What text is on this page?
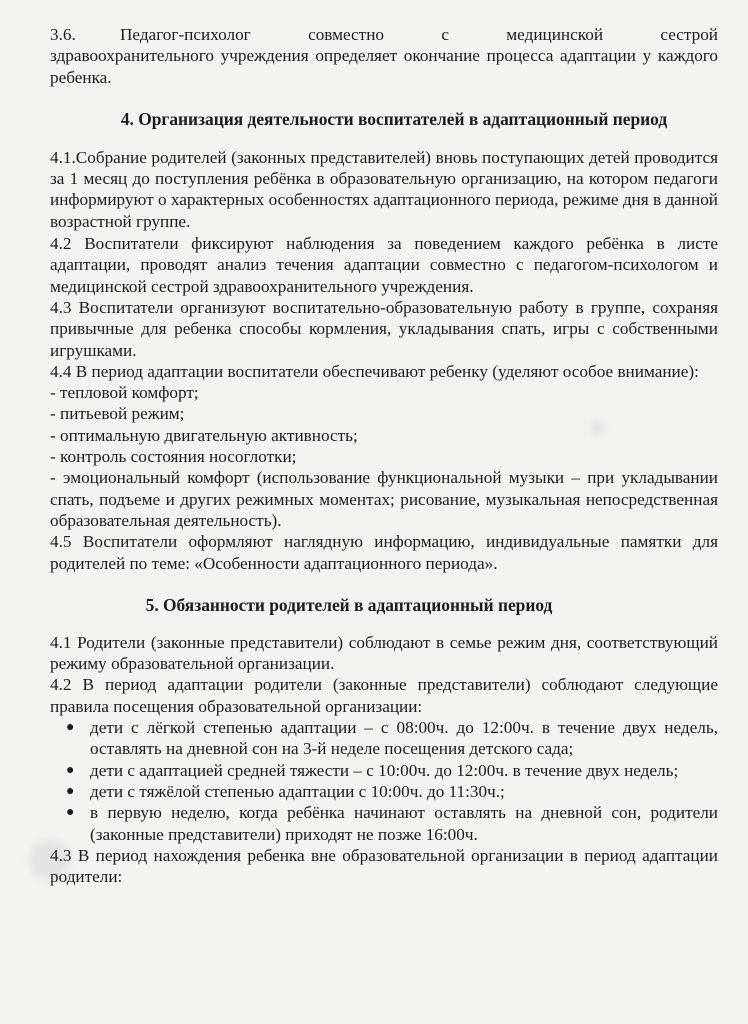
3.6.	Педагог-психолог совместно с медицинской сестрой

здравоохранительного учреждения определяет окончание процесса адаптации у каждого ребенка.

4. Организация деятельности воспитателей в адаптационный период

4.1.Собрание родителей (законных представителей) вновь поступающих детей проводится за 1 месяц до поступления ребёнка в образовательную организацию, на котором педагоги информируют о характерных особенностях адаптационного периода, режиме дня в данной возрастной группе.

4.2 Воспитатели фиксируют наблюдения за поведением каждого ребёнка в листе адаптации, проводят анализ течения адаптации совместно с педагогом-психологом и медицинской сестрой здравоохранительного учреждения.

4.3 Воспитатели организуют воспитательно-образовательную работу в группе, сохраняя привычные для ребенка способы кормления, укладывания спать, игры с собственными игрушками.

4.4 В период адаптации воспитатели обеспечивают ребенку (уделяют особое внимание):

- тепловой комфорт;

- питьевой режим;

- оптимальную двигательную активность;

- контроль состояния носоглотки;

- эмоциональный комфорт (использование функциональной музыки – при укладывании спать, подъеме и других режимных моментах; рисование, музыкальная непосредственная образовательная деятельность).

4.5 Воспитатели оформляют наглядную информацию, индивидуальные памятки для родителей по теме: «Особенности адаптационного периода».

5. Обязанности родителей в адаптационный период

4.1 Родители (законные представители) соблюдают в семье режим дня, соответствующий режиму образовательной организации.

4.2 В период адаптации родители (законные представители) соблюдают следующие правила посещения образовательной организации:

● дети с лёгкой степенью адаптации – с 08:00ч. до 12:00ч. в течение двух недель, оставлять на дневной сон на 3-й неделе посещения детского сада;
● дети с адаптацией средней тяжести – с 10:00ч. до 12:00ч. в течение двух недель;
● дети с тяжёлой степенью адаптации с 10:00ч. до 11:30ч.;
● в первую неделю, когда ребёнка начинают оставлять на дневной сон, родители (законные представители) приходят не позже 16:00ч.

4.3 В период нахождения ребенка вне образовательной организации в период адаптации родители:
